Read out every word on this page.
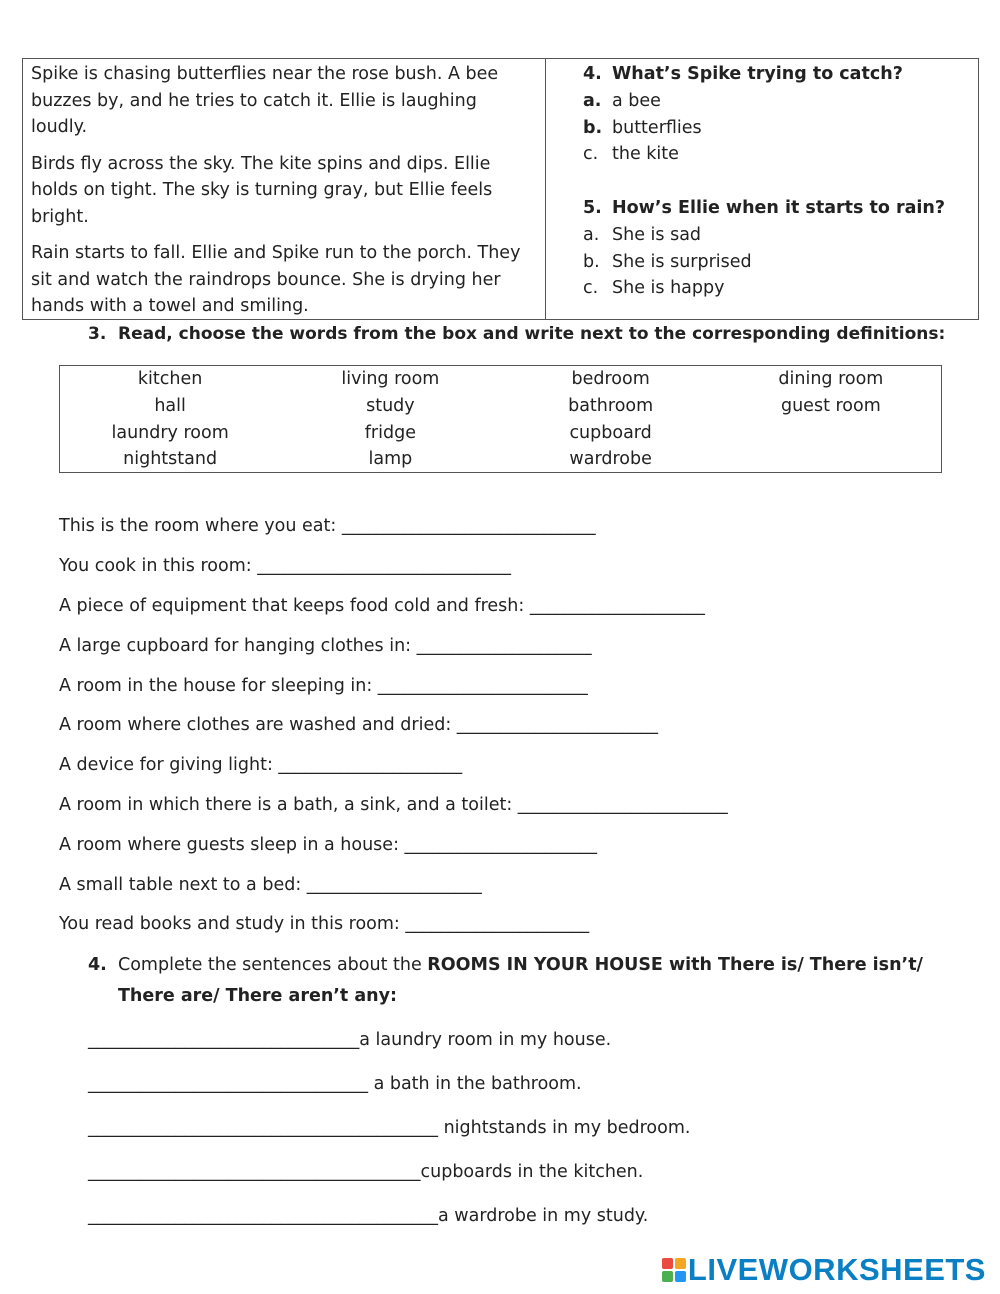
Spike is chasing butterflies near the rose bush. A bee buzzes by, and he tries to catch it. Ellie is laughing loudly.

Birds fly across the sky. The kite spins and dips. Ellie holds on tight. The sky is turning gray, but Ellie feels bright.

Rain starts to fall. Ellie and Spike run to the porch. They sit and watch the raindrops bounce. She is drying her hands with a towel and smiling.

4. What’s Spike trying to catch?
a. a bee
b. butterflies
c. the kite
5. How’s Ellie when it starts to rain?
a. She is sad
b. She is surprised
c. She is happy
3. Read, choose the words from the box and write next to the corresponding definitions:
kitchen	living room	bedroom	dining room
hall	study	bathroom	guest room
laundry room	fridge	cupboard
nightstand	lamp	wardrobe
This is the room where you eat: _____________________________
You cook in this room: _____________________________
A piece of equipment that keeps food cold and fresh: ____________________
A large cupboard for hanging clothes in: ____________________
A room in the house for sleeping in: ________________________
A room where clothes are washed and dried: _______________________
A device for giving light: _____________________
A room in which there is a bath, a sink, and a toilet: ________________________
A room where guests sleep in a house: ______________________
A small table next to a bed: ____________________
You read books and study in this room: _____________________
4. Complete the sentences about the ROOMS IN YOUR HOUSE with There is/ There isn’t/ There are/ There aren’t any:
_______________________________a laundry room in my house.
________________________________ a bath in the bathroom.
________________________________________ nightstands in my bedroom.
______________________________________cupboards in the kitchen.
________________________________________a wardrobe in my study.
LIVEWORKSHEETS
